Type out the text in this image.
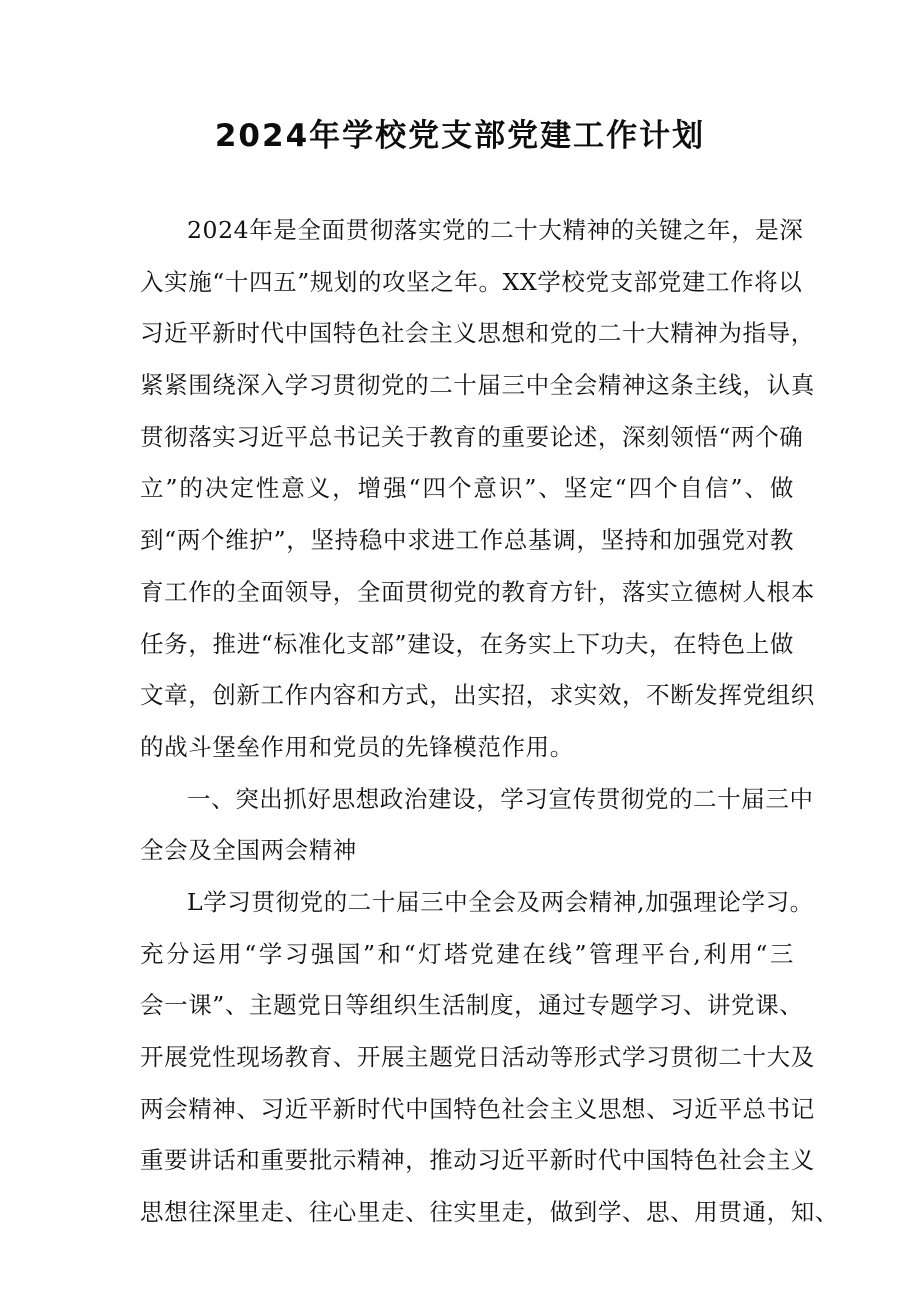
2024年学校党支部党建工作计划
2024年是全面贯彻落实党的二十大精神的关键之年，是深
入实施“十四五”规划的攻坚之年。XX学校党支部党建工作将以
习近平新时代中国特色社会主义思想和党的二十大精神为指导，
紧紧围绕深入学习贯彻党的二十届三中全会精神这条主线，认真
贯彻落实习近平总书记关于教育的重要论述，深刻领悟“两个确
立”的决定性意义，增强“四个意识”、坚定“四个自信”、做
到“两个维护”，坚持稳中求进工作总基调，坚持和加强党对教
育工作的全面领导，全面贯彻党的教育方针，落实立德树人根本
任务，推进“标准化支部”建设，在务实上下功夫，在特色上做
文章，创新工作内容和方式，出实招，求实效，不断发挥党组织
的战斗堡垒作用和党员的先锋模范作用。
一、突出抓好思想政治建设，学习宣传贯彻党的二十届三中
全会及全国两会精神
L学习贯彻党的二十届三中全会及两会精神,加强理论学习。
充分运用“学习强国”和“灯塔党建在线”管理平台,利用“三
会一课”、主题党日等组织生活制度，通过专题学习、讲党课、
开展党性现场教育、开展主题党日活动等形式学习贯彻二十大及
两会精神、习近平新时代中国特色社会主义思想、习近平总书记
重要讲话和重要批示精神，推动习近平新时代中国特色社会主义
思想往深里走、往心里走、往实里走，做到学、思、用贯通，知、
